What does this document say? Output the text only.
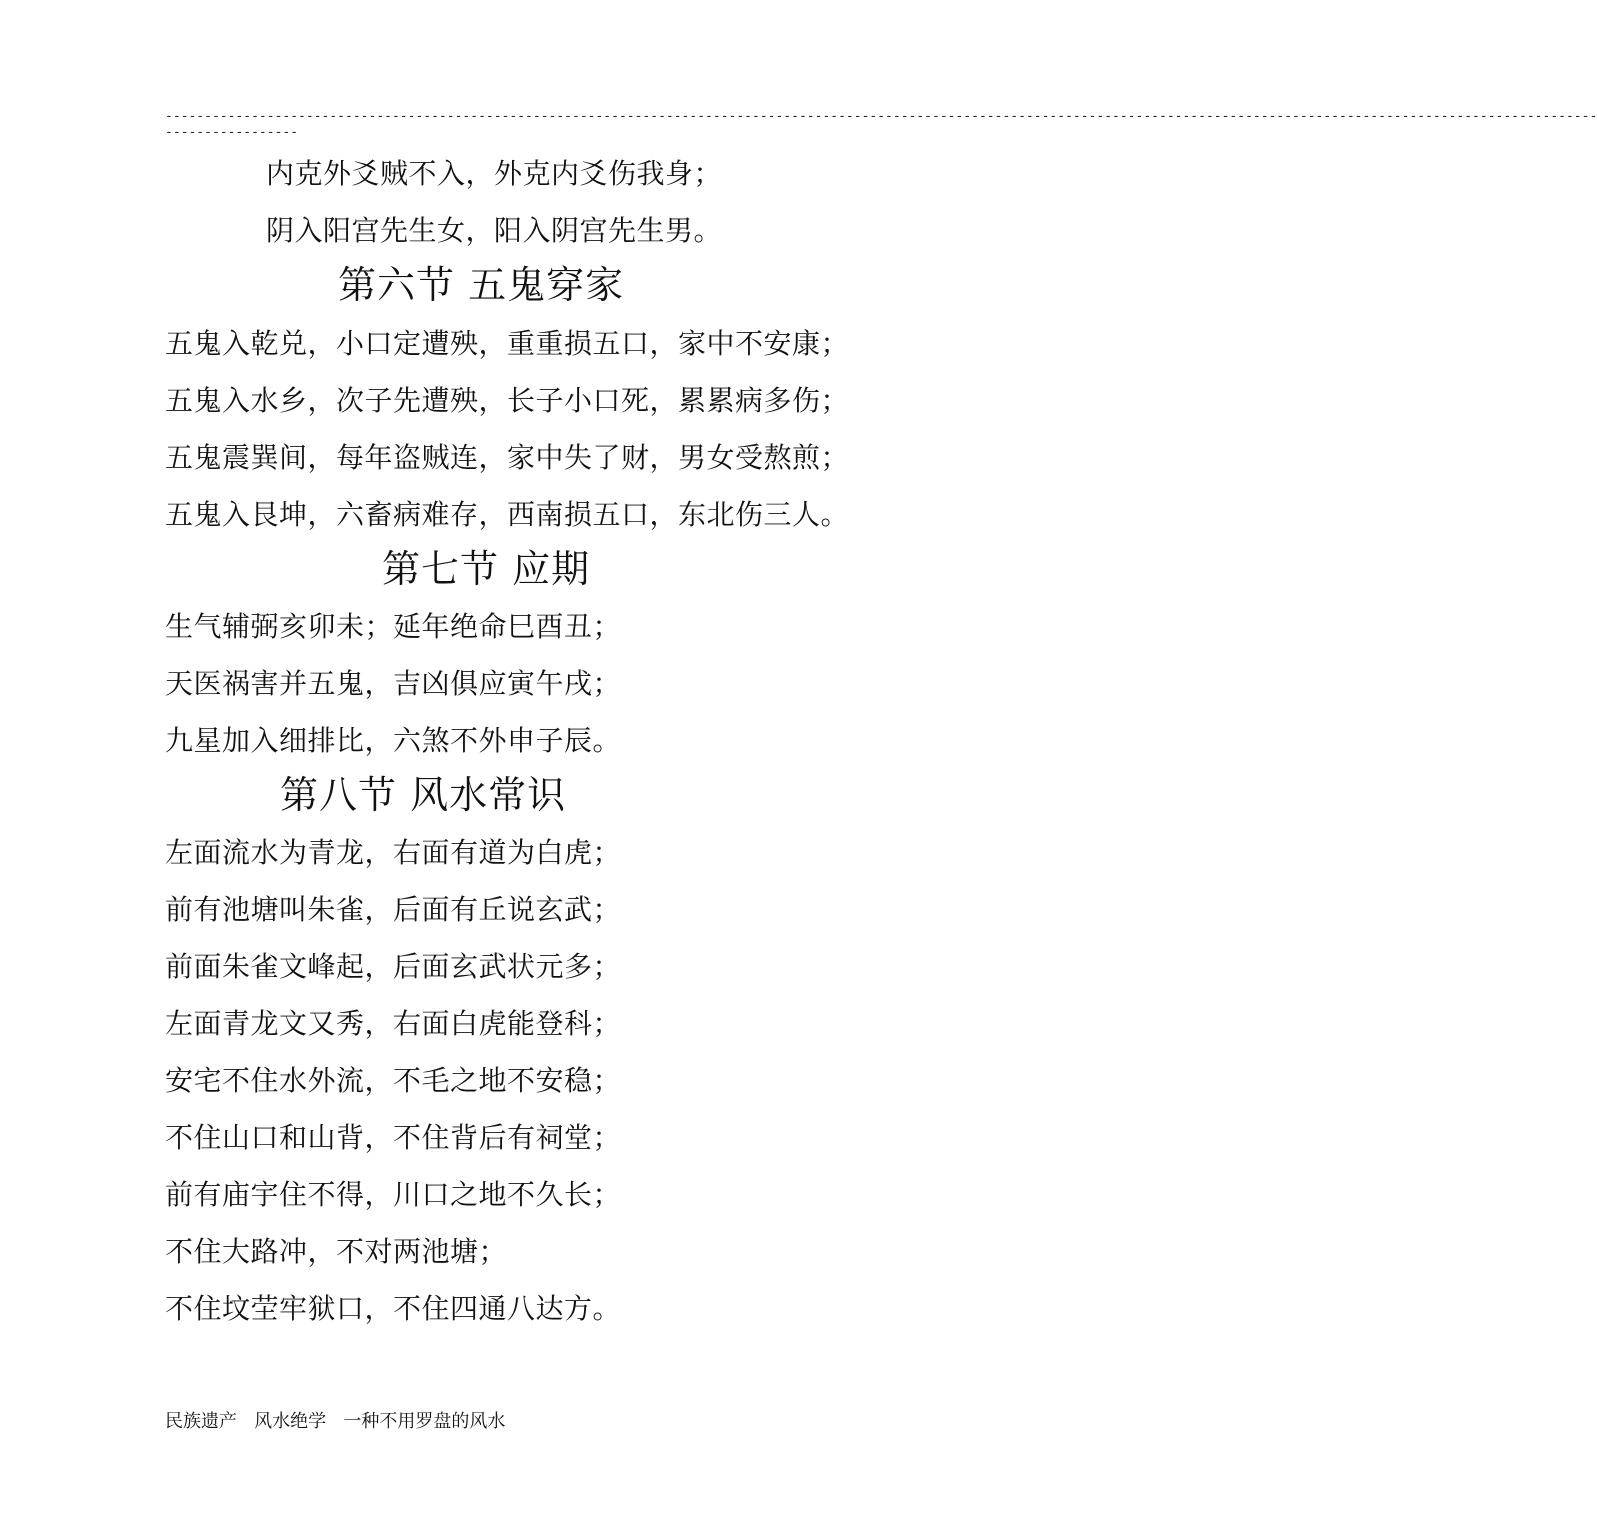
---------------------------------------------------------------------------------------------------------------------------------------------------------------------------------------
-----------------
内克外爻贼不入，外克内爻伤我身；
阴入阳宫先生女，阳入阴宫先生男。
第六节 五鬼穿家
五鬼入乾兑，小口定遭殃，重重损五口，家中不安康；
五鬼入水乡，次子先遭殃，长子小口死，累累病多伤；
五鬼震巽间，每年盗贼连，家中失了财，男女受熬煎；
五鬼入艮坤，六畜病难存，西南损五口，东北伤三人。
第七节 应期
生气辅弼亥卯未；延年绝命巳酉丑；
天医祸害并五鬼，吉凶俱应寅午戌；
九星加入细排比，六煞不外申子辰。
第八节 风水常识
左面流水为青龙，右面有道为白虎；
前有池塘叫朱雀，后面有丘说玄武；
前面朱雀文峰起，后面玄武状元多；
左面青龙文又秀，右面白虎能登科；
安宅不住水外流，不毛之地不安稳；
不住山口和山背，不住背后有祠堂；
前有庙宇住不得，川口之地不久长；
不住大路冲，不对两池塘；
不住坟茔牢狱口，不住四通八达方。
民族遗产   风水绝学   一种不用罗盘的风水
